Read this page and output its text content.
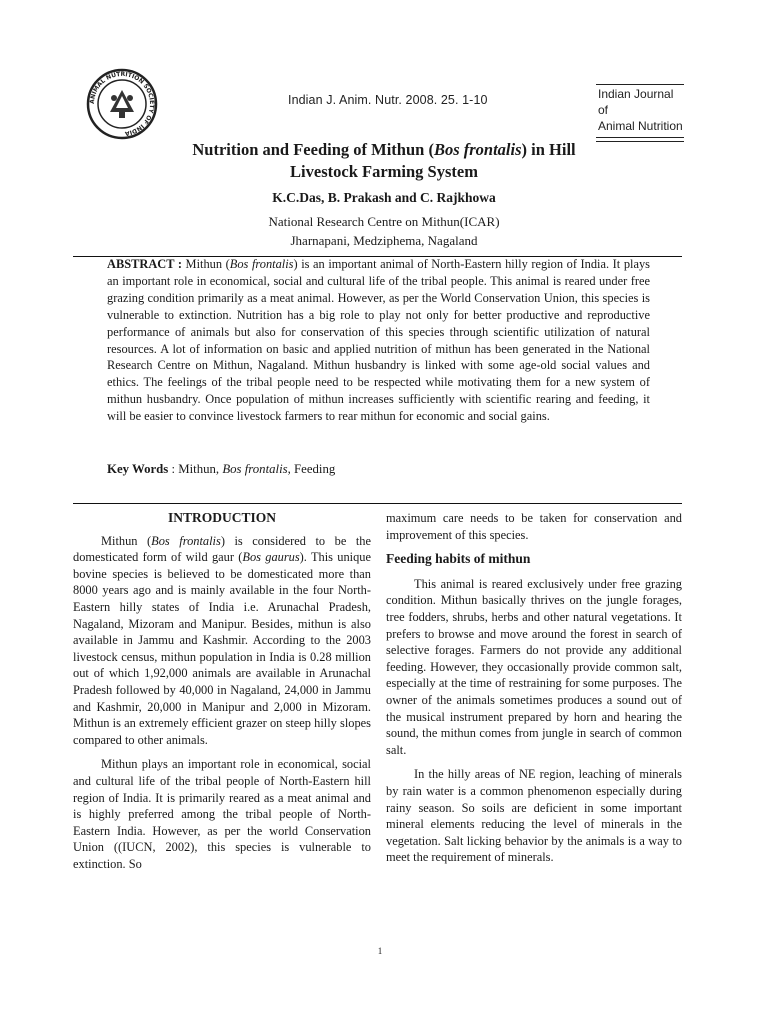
ANIMAL NUTRITION SOCIETY OF INDIA
Indian J. Anim. Nutr. 2008. 25. 1-10	Indian Journal of
Animal Nutrition
Nutrition and Feeding of Mithun (Bos frontalis) in Hill
Livestock Farming System
K.C.Das, B. Prakash and C. Rajkhowa
National Research Centre on Mithun(ICAR)
Jharnapani, Medziphema, Nagaland
ABSTRACT : Mithun (Bos frontalis) is an important animal of North-Eastern hilly region of India. It plays an important role in economical, social and cultural life of the tribal people. This animal is reared under free grazing condition primarily as a meat animal. However, as per the World Conservation Union, this species is vulnerable to extinction. Nutrition has a big role to play not only for better productive and reproductive performance of animals but also for conservation of this species through scientific utilization of natural resources. A lot of information on basic and applied nutrition of mithun has been generated in the National Research Centre on Mithun, Nagaland. Mithun husbandry is linked with some age-old social values and ethics. The feelings of the tribal people need to be respected while motivating them for a new system of mithun husbandry. Once population of mithun increases sufficiently with scientific rearing and feeding, it will be easier to convince livestock farmers to rear mithun for economic and social gains.
Key Words : Mithun, Bos frontalis, Feeding
INTRODUCTION

Mithun (Bos frontalis) is considered to be the domesticated form of wild gaur (Bos gaurus). This unique bovine species is believed to be domesticated more than 8000 years ago and is mainly available in the four North-Eastern hilly states of India i.e. Arunachal Pradesh, Nagaland, Mizoram and Manipur. Besides, mithun is also available in Jammu and Kashmir. According to the 2003 livestock census, mithun population in India is 0.28 million out of which 1,92,000 animals are available in Arunachal Pradesh followed by 40,000 in Nagaland, 24,000 in Jammu and Kashmir, 20,000 in Manipur and 2,000 in Mizoram. Mithun is an extremely efficient grazer on steep hilly slopes compared to other animals.

Mithun plays an important role in economical, social and cultural life of the tribal people of North-Eastern hill region of India. It is primarily reared as a meat animal and is highly preferred among the tribal people of North-Eastern India. However, as per the world Conservation Union ((IUCN, 2002), this species is vulnerable to extinction. So

maximum care needs to be taken for conservation and improvement of this species.

Feeding habits of mithun

This animal is reared exclusively under free grazing condition. Mithun basically thrives on the jungle forages, tree fodders, shrubs, herbs and other natural vegetations. It prefers to browse and move around the forest in search of selective forages. Farmers do not provide any additional feeding. However, they occasionally provide common salt, especially at the time of restraining for some purposes. The owner of the animals sometimes produces a sound out of the musical instrument prepared by horn and hearing the sound, the mithun comes from jungle in search of common salt.

In the hilly areas of NE region, leaching of minerals by rain water is a common phenomenon especially during rainy season. So soils are deficient in some important mineral elements reducing the level of minerals in the vegetation. Salt licking behavior by the animals is a way to meet the requirement of minerals.

1
